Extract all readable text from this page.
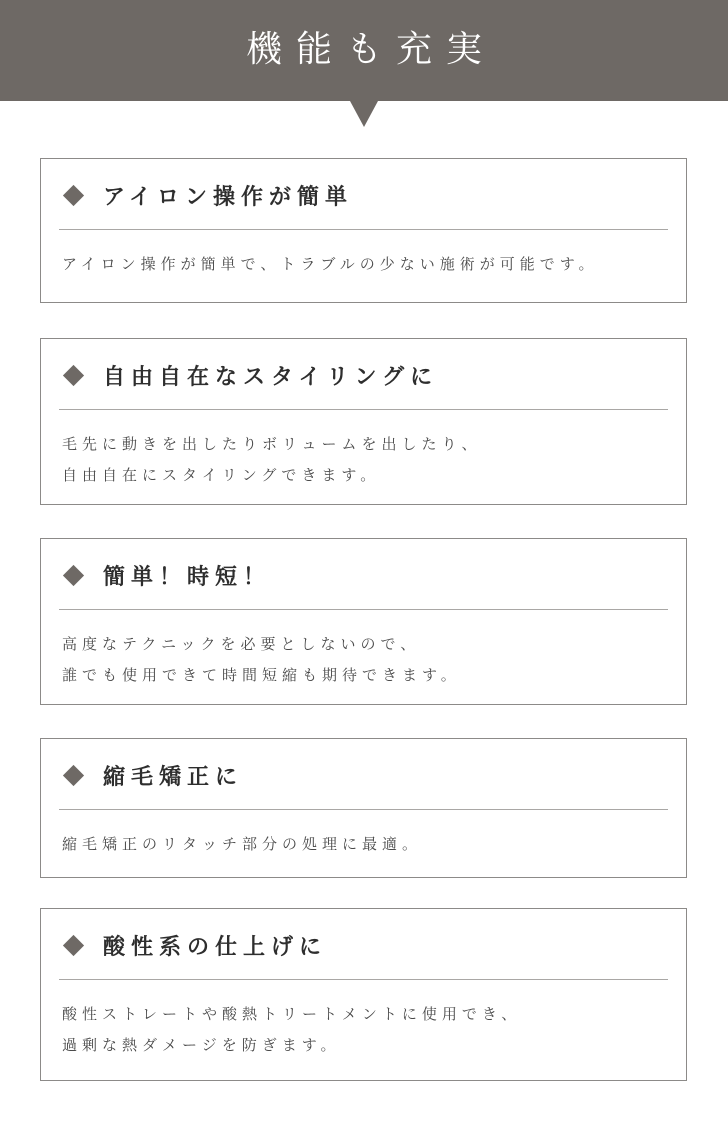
機能も充実
アイロン操作が簡単
アイロン操作が簡単で、トラブルの少ない施術が可能です。
自由自在なスタイリングに
毛先に動きを出したりボリュームを出したり、
自由自在にスタイリングできます。
簡単！時短！
高度なテクニックを必要としないので、
誰でも使用できて時間短縮も期待できます。
縮毛矯正に
縮毛矯正のリタッチ部分の処理に最適。
酸性系の仕上げに
酸性ストレートや酸熱トリートメントに使用でき、
過剰な熱ダメージを防ぎます。
